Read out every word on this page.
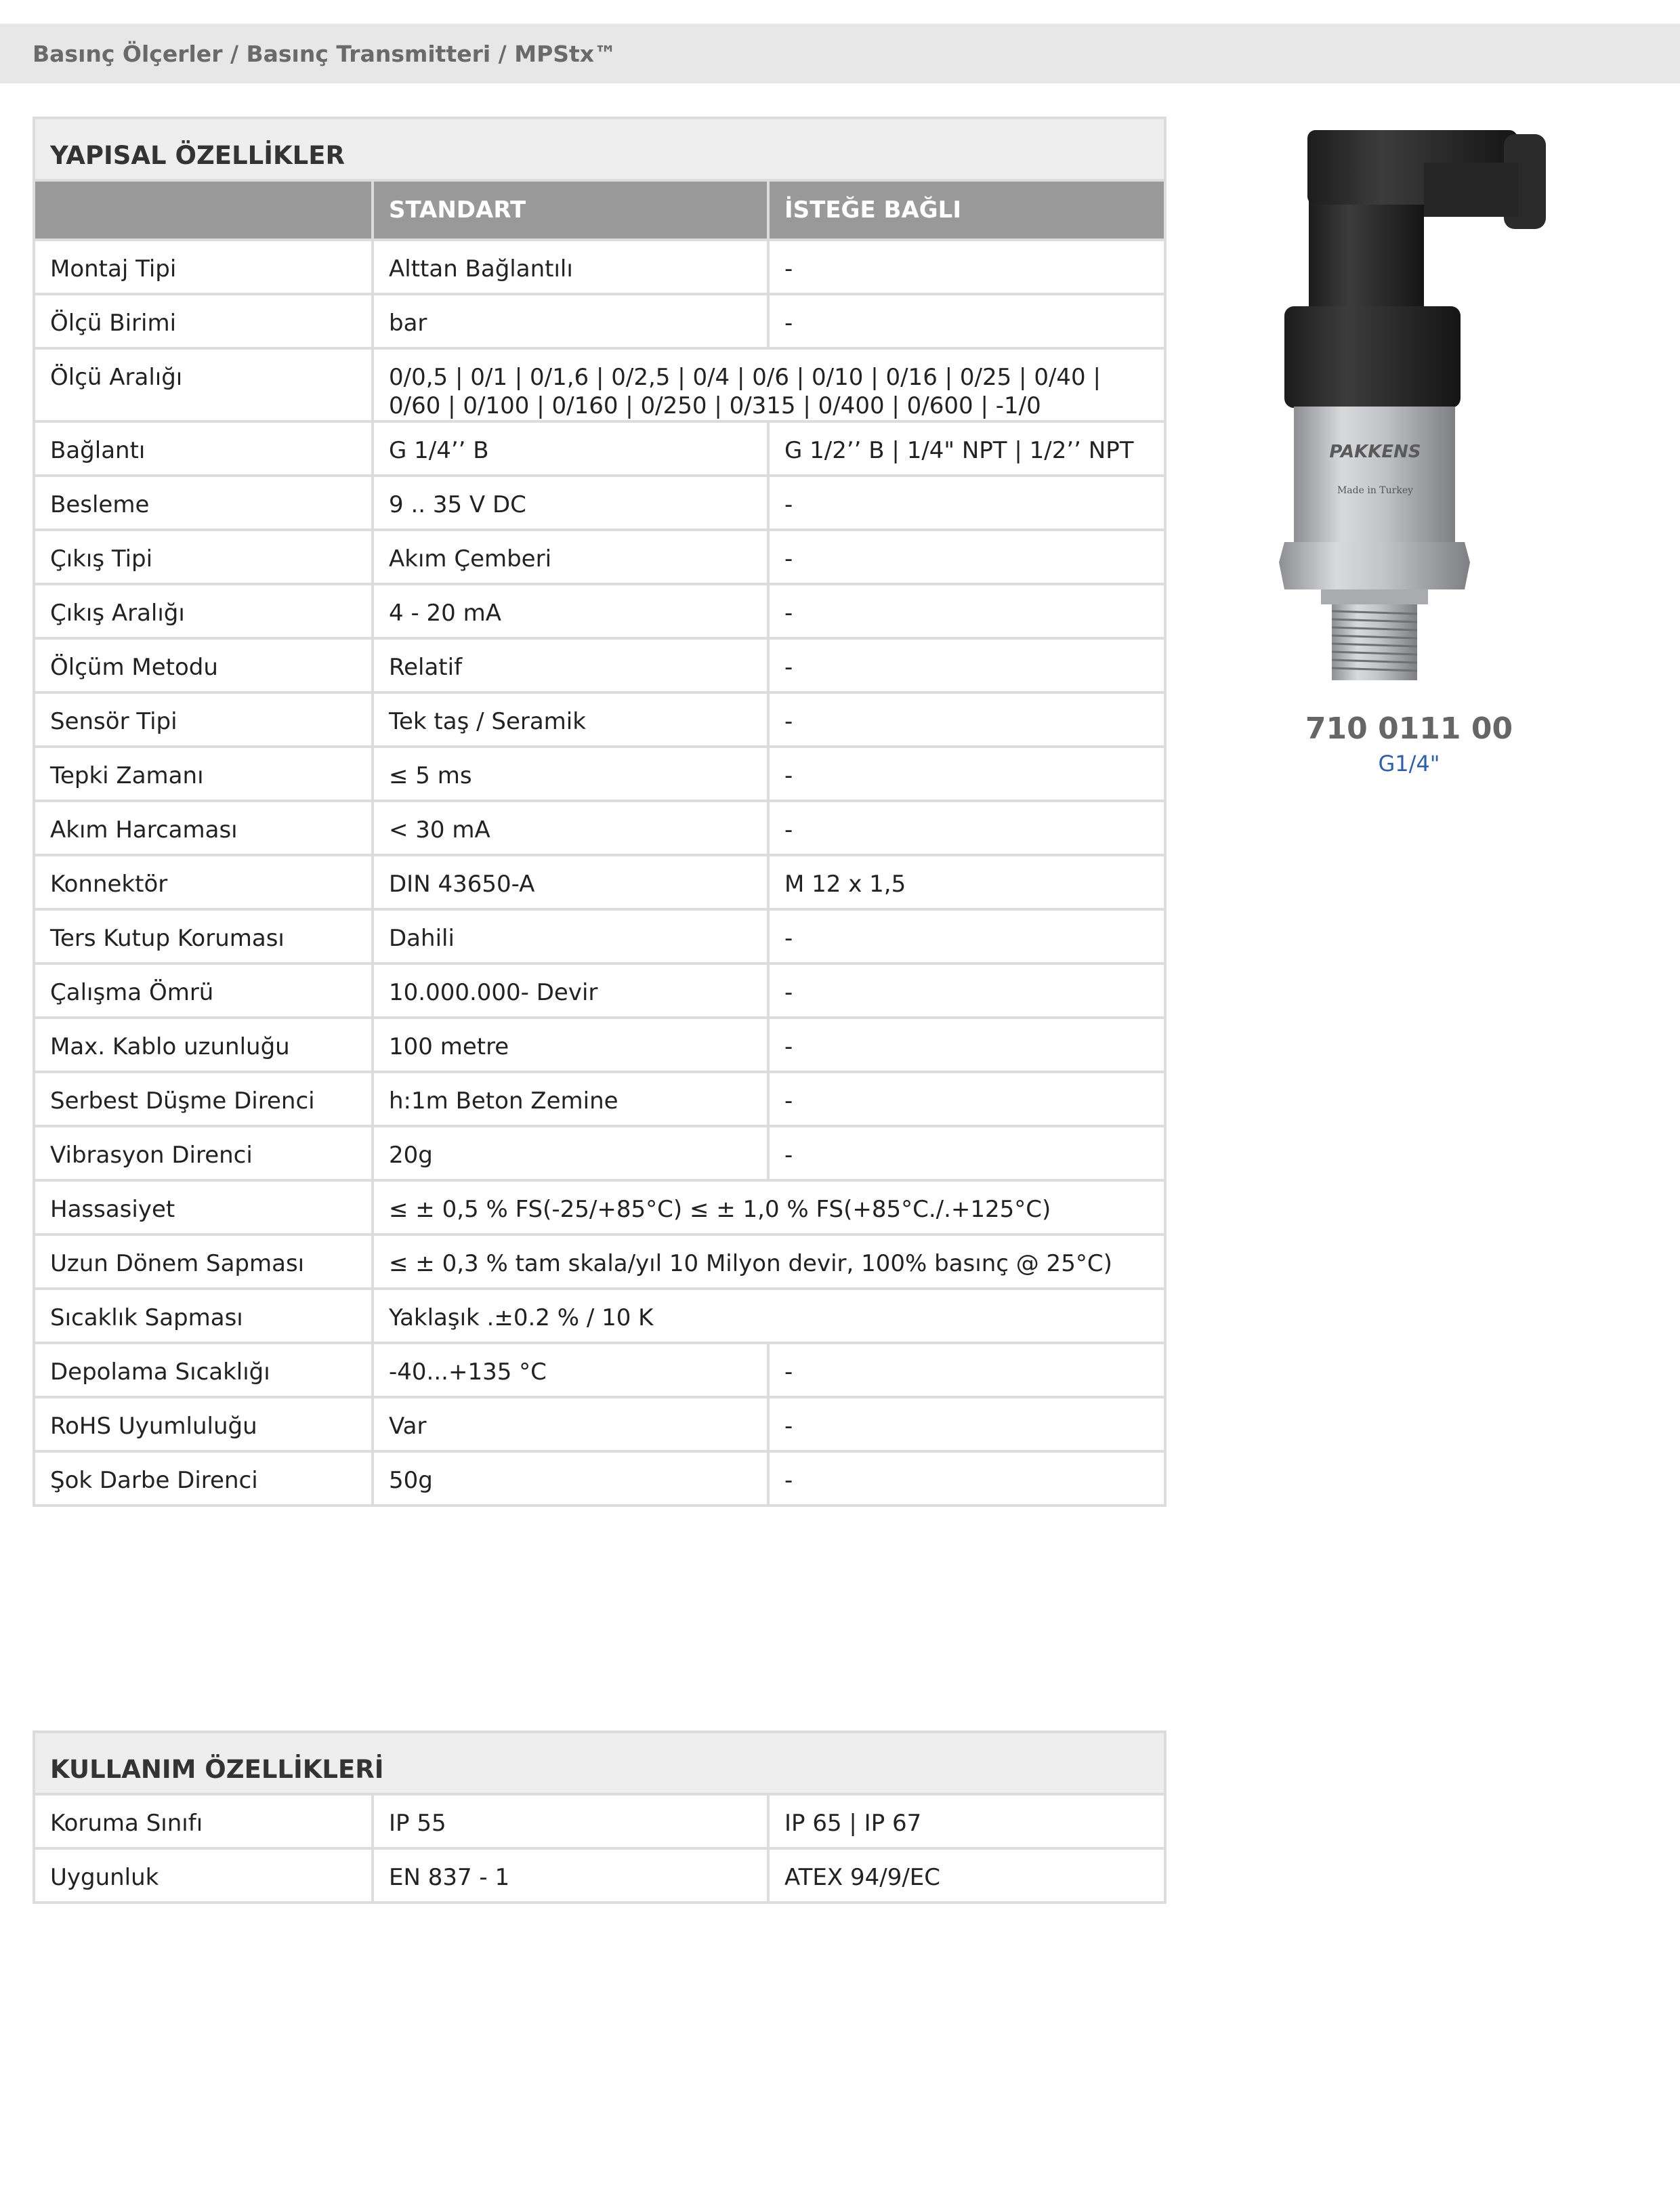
Basınç Ölçerler / Basınç Transmitteri / MPStx™
YAPISAL ÖZELLİKLER		
	STANDART	İSTEĞE BAĞLI
Montaj Tipi	Alttan Bağlantılı	-
Ölçü Birimi	bar	-
Ölçü Aralığı	0/0,5 | 0/1 | 0/1,6 | 0/2,5 | 0/4 | 0/6 | 0/10 | 0/16 | 0/25 | 0/40 | 0/60 | 0/100 | 0/160 | 0/250 | 0/315 | 0/400 | 0/600 | -1/0	
Bağlantı	G 1/4’’ B	G 1/2’’ B | 1/4" NPT | 1/2’’ NPT
Besleme	9 .. 35 V DC	-
Çıkış Tipi	Akım Çemberi	-
Çıkış Aralığı	4 - 20 mA	-
Ölçüm Metodu	Relatif	-
Sensör Tipi	Tek taş / Seramik	-
Tepki Zamanı	≤ 5 ms	-
Akım Harcaması	< 30 mA	-
Konnektör	DIN 43650-A	M 12 x 1,5
Ters Kutup Koruması	Dahili	-
Çalışma Ömrü	10.000.000- Devir	-
Max. Kablo uzunluğu	100 metre	-
Serbest Düşme Direnci	h:1m Beton Zemine	-
Vibrasyon Direnci	20g	-
Hassasiyet	≤ ± 0,5 % FS(-25/+85°C) ≤ ± 1,0 % FS(+85°C./.+125°C)	
Uzun Dönem Sapması	≤ ± 0,3 % tam skala/yıl 10 Milyon devir, 100% basınç @ 25°C)	
Sıcaklık Sapması	Yaklaşık .±0.2 % / 10 K	
Depolama Sıcaklığı	-40...+135 °C	-
RoHS Uyumluluğu	Var	-
Şok Darbe Direnci	50g	-
KULLANIM ÖZELLİKLERİ		
Koruma Sınıfı	IP 55	IP 65 | IP 67
Uygunluk	EN 837 - 1	ATEX 94/9/EC
PAKKENS
Made in Turkey
710 0111 00
G1/4"
